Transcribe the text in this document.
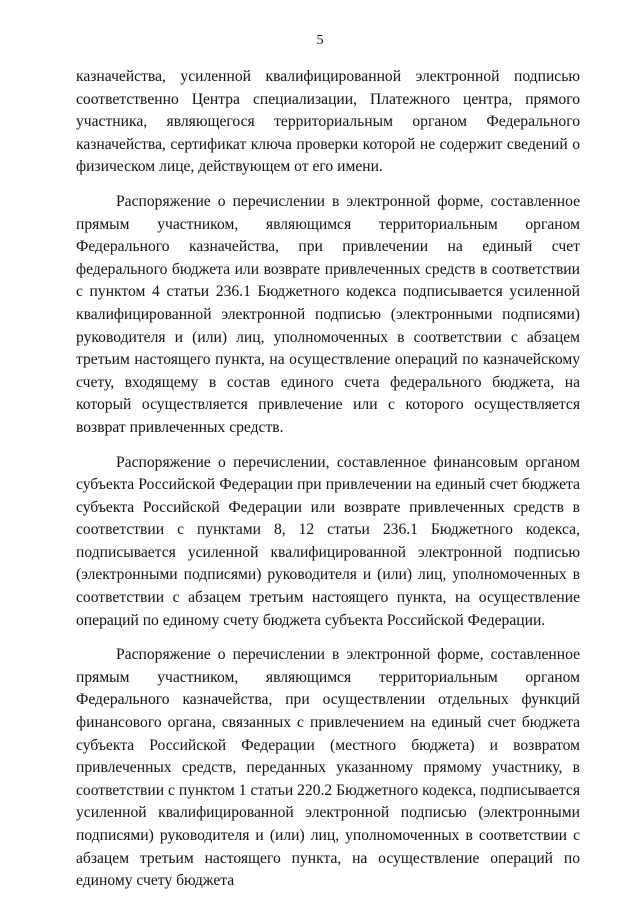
5

казначейства, усиленной квалифицированной электронной подписью соответственно Центра специализации, Платежного центра, прямого участника, являющегося территориальным органом Федерального казначейства, сертификат ключа проверки которой не содержит сведений о физическом лице, действующем от его имени.

Распоряжение о перечислении в электронной форме, составленное прямым участником, являющимся территориальным органом Федерального казначейства, при привлечении на единый счет федерального бюджета или возврате привлеченных средств в соответствии с пунктом 4 статьи 236.1 Бюджетного кодекса подписывается усиленной квалифицированной электронной подписью (электронными подписями) руководителя и (или) лиц, уполномоченных в соответствии с абзацем третьим настоящего пункта, на осуществление операций по казначейскому счету, входящему в состав единого счета федерального бюджета, на который осуществляется привлечение или с которого осуществляется возврат привлеченных средств.

Распоряжение о перечислении, составленное финансовым органом субъекта Российской Федерации при привлечении на единый счет бюджета субъекта Российской Федерации или возврате привлеченных средств в соответствии с пунктами 8, 12 статьи 236.1 Бюджетного кодекса, подписывается усиленной квалифицированной электронной подписью (электронными подписями) руководителя и (или) лиц, уполномоченных в соответствии с абзацем третьим настоящего пункта, на осуществление операций по единому счету бюджета субъекта Российской Федерации.

Распоряжение о перечислении в электронной форме, составленное прямым участником, являющимся территориальным органом Федерального казначейства, при осуществлении отдельных функций финансового органа, связанных с привлечением на единый счет бюджета субъекта Российской Федерации (местного бюджета) и возвратом привлеченных средств, переданных указанному прямому участнику, в соответствии с пунктом 1 статьи 220.2 Бюджетного кодекса, подписывается усиленной квалифицированной электронной подписью (электронными подписями) руководителя и (или) лиц, уполномоченных в соответствии с абзацем третьим настоящего пункта, на осуществление операций по единому счету бюджета
